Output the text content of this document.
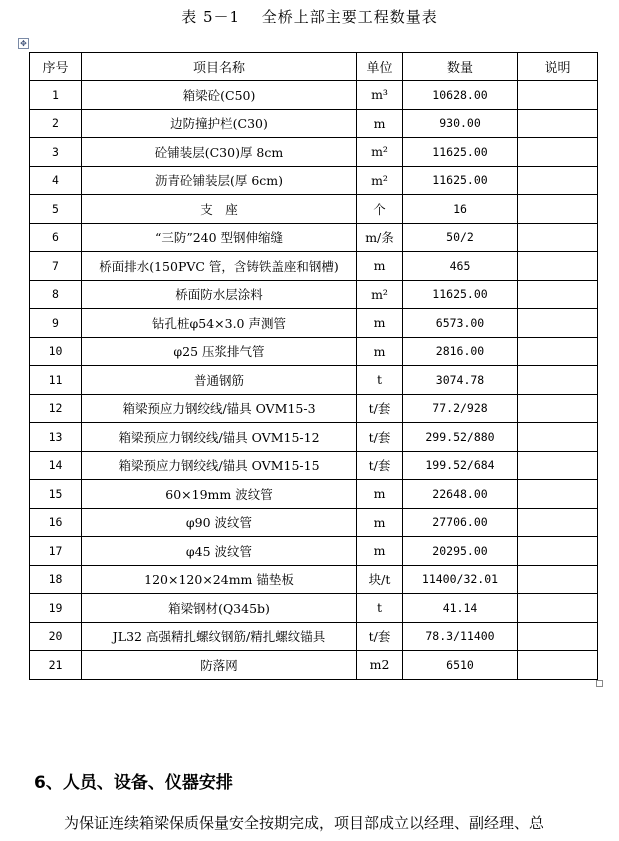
表 5－1　 全桥上部主要工程数量表
✥
序号	项目名称	单位	数量	说明
1	箱梁砼(C50)	m³	10628.00	
2	边防撞护栏(C30)	m	930.00	
3	砼铺装层(C30)厚 8cm	m²	11625.00	
4	沥青砼铺装层(厚 6cm)	m²	11625.00	
5	支　座	个	16	
6	“三防”240 型钢伸缩缝	m/条	50/2	
7	桥面排水(150PVC 管，含铸铁盖座和钢槽)	m	465	
8	桥面防水层涂料	m²	11625.00	
9	钻孔桩φ54×3.0 声测管	m	6573.00	
10	φ25 压浆排气管	m	2816.00	
11	普通钢筋	t	3074.78	
12	箱梁预应力钢绞线/锚具 OVM15-3	t/套	77.2/928	
13	箱梁预应力钢绞线/锚具 OVM15-12	t/套	299.52/880	
14	箱梁预应力钢绞线/锚具 OVM15-15	t/套	199.52/684	
15	60×19mm 波纹管	m	22648.00	
16	φ90 波纹管	m	27706.00	
17	φ45 波纹管	m	20295.00	
18	120×120×24mm 锚垫板	块/t	11400/32.01	
19	箱梁钢材(Q345b)	t	41.14	
20	JL32 高强精扎螺纹钢筋/精扎螺纹锚具	t/套	78.3/11400	
21	防落网	m2	6510	
6、人员、设备、仪器安排
为保证连续箱梁保质保量安全按期完成，项目部成立以经理、副经理、总
